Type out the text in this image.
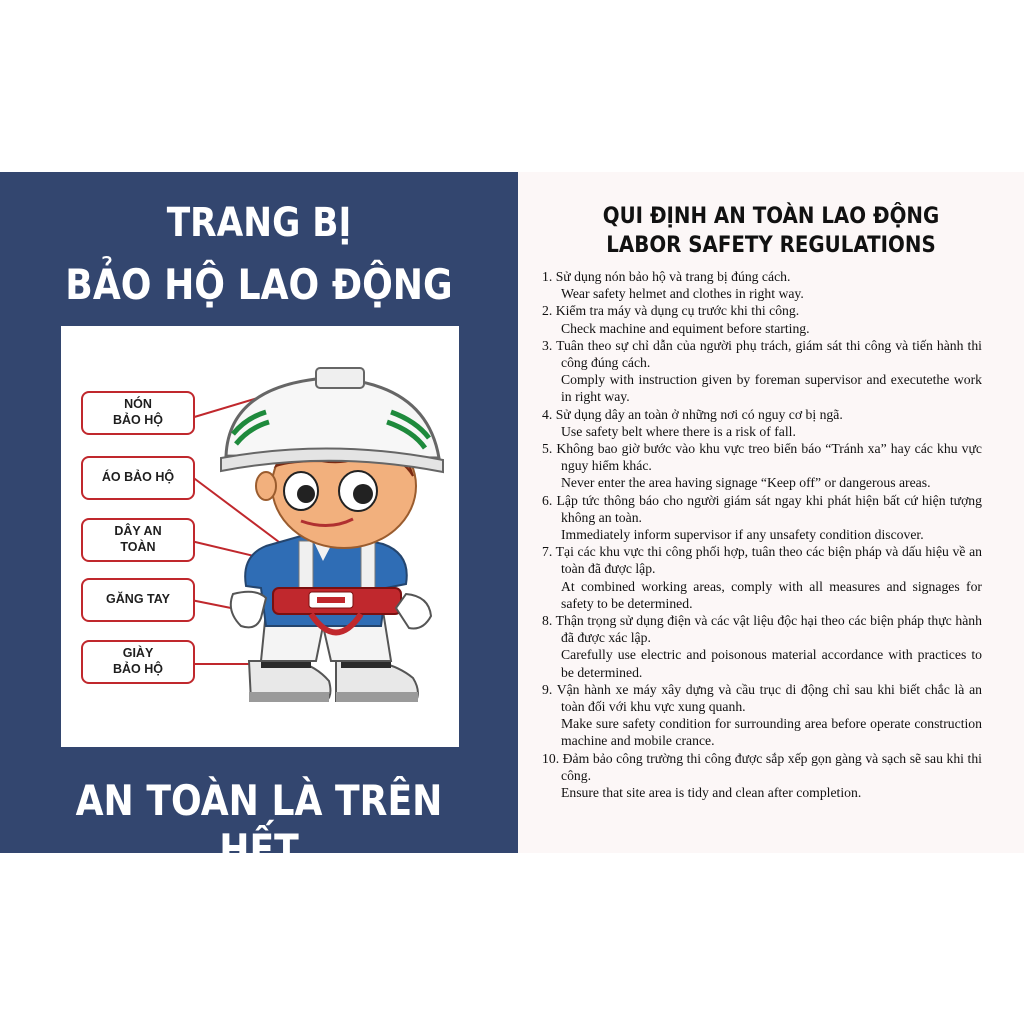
TRANG BỊ
BẢO HỘ LAO ĐỘNG
NÓN
BẢO HỘ
ÁO BẢO HỘ
DÂY AN
TOÀN
GĂNG TAY
GIÀY
BẢO HỘ
AN TOÀN LÀ TRÊN HẾT
QUI ĐỊNH AN TOÀN LAO ĐỘNG
LABOR SAFETY REGULATIONS
1. Sử dụng nón bảo hộ và trang bị đúng cách.
Wear safety helmet and clothes in right way.
2. Kiểm tra máy và dụng cụ trước khi thi công.
Check machine and equiment before starting.
3. Tuân theo sự chỉ dẫn của người phụ trách, giám sát thi công và tiến hành thi công đúng cách.
Comply with instruction given by foreman supervisor and executethe work in right way.
4. Sử dụng dây an toàn ở những nơi có nguy cơ bị ngã.
Use safety belt where there is a risk of fall.
5. Không bao giờ bước vào khu vực treo biển báo “Tránh xa” hay các khu vực nguy hiểm khác.
Never enter the area having signage “Keep off” or dangerous areas.
6. Lập tức thông báo cho người giám sát ngay khi phát hiện bất cứ hiện tượng không an toàn.
Immediately inform supervisor if any unsafety condition discover.
7. Tại các khu vực thi công phối hợp, tuân theo các biện pháp và dấu hiệu về an toàn đã được lập.
At combined working areas, comply with all measures and signages for safety to be determined.
8. Thận trọng sử dụng điện và các vật liệu độc hại theo các biện pháp thực hành đã được xác lập.
Carefully use electric and poisonous material accordance with practices to be determined.
9. Vận hành xe máy xây dựng và cầu trục di động chỉ sau khi biết chắc là an toàn đối với khu vực xung quanh.
Make sure safety condition for surrounding area before operate construction machine and mobile crance.
10. Đảm bảo công trường thi công được sắp xếp gọn gàng và sạch sẽ sau khi thi công.
Ensure that site area is tidy and clean after completion.
